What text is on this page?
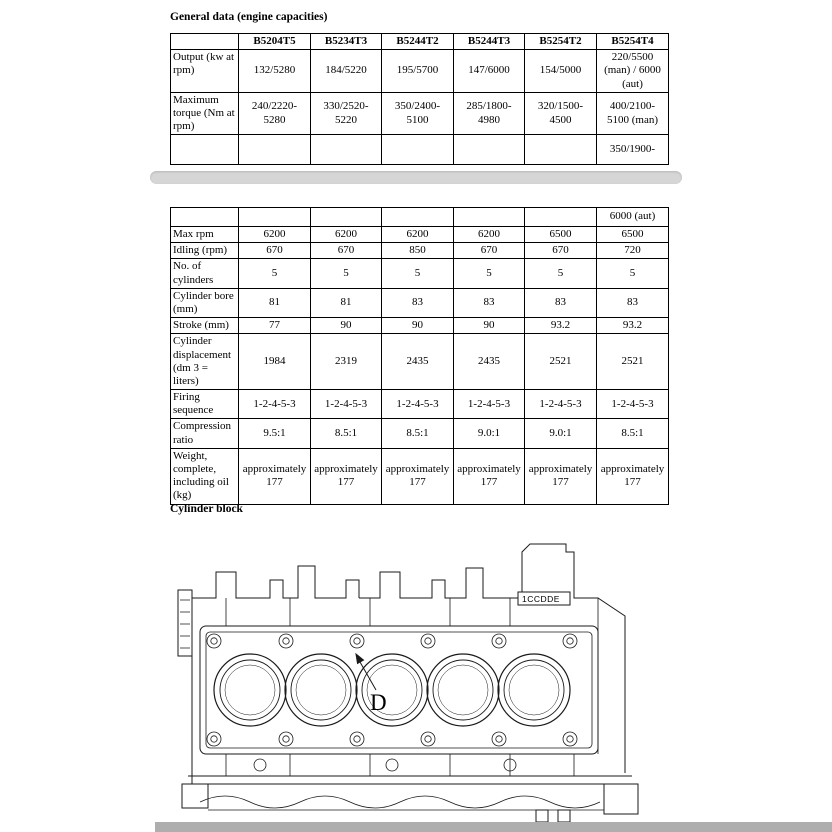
General data (engine capacities)
	B5204T5	B5234T3	B5244T2	B5244T3	B5254T2	B5254T4
Output (kw at rpm)	132/5280	184/5220	195/5700	147/6000	154/5000	220/5500 (man) / 6000 (aut)
Maximum torque (Nm at rpm)	240/2220-5280	330/2520-5220	350/2400-5100	285/1800-4980	320/1500-4500	400/2100-5100 (man)
						350/1900-
						6000 (aut)
Max rpm	6200	6200	6200	6200	6500	6500
Idling (rpm)	670	670	850	670	670	720
No. of cylinders	5	5	5	5	5	5
Cylinder bore (mm)	81	81	83	83	83	83
Stroke (mm)	77	90	90	90	93.2	93.2
Cylinder displacement (dm 3 = liters)	1984	2319	2435	2435	2521	2521
Firing sequence	1-2-4-5-3	1-2-4-5-3	1-2-4-5-3	1-2-4-5-3	1-2-4-5-3	1-2-4-5-3
Compression ratio	9.5:1	8.5:1	8.5:1	9.0:1	9.0:1	8.5:1
Weight, complete, including oil (kg)	approximately 177	approximately 177	approximately 177	approximately 177	approximately 177	approximately 177
Cylinder block
D
1CCDDE
